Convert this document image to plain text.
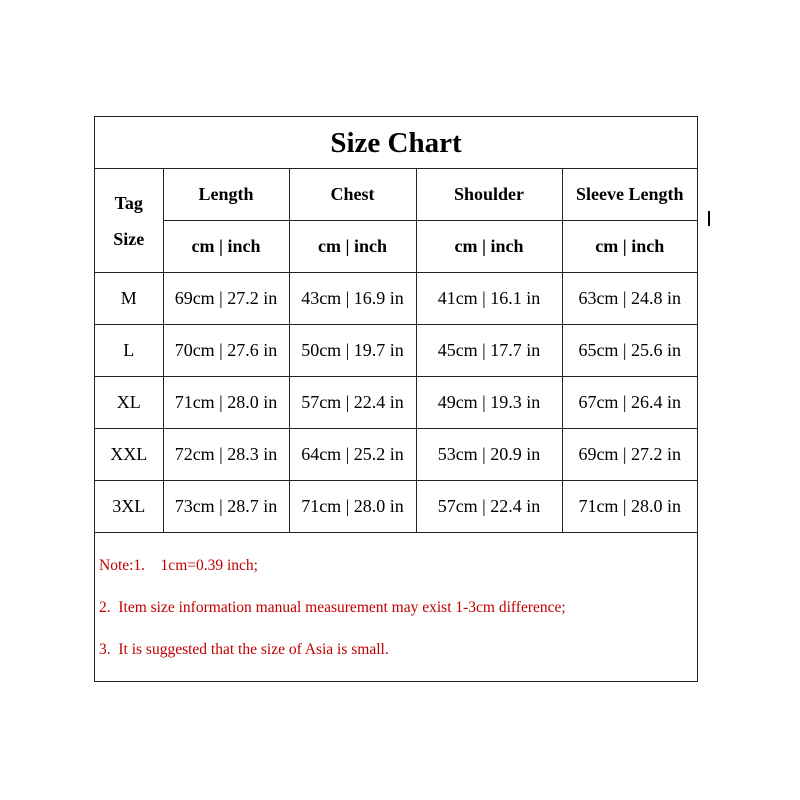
Size Chart
Tag
Size	Length	Chest	Shoulder	Sleeve Length
	cm | inch	cm | inch	cm | inch	cm | inch
M	69cm | 27.2 in	43cm | 16.9 in	41cm | 16.1 in	63cm | 24.8 in
L	70cm | 27.6 in	50cm | 19.7 in	45cm | 17.7 in	65cm | 25.6 in
XL	71cm | 28.0 in	57cm | 22.4 in	49cm | 19.3 in	67cm | 26.4 in
XXL	72cm | 28.3 in	64cm | 25.2 in	53cm | 20.9 in	69cm | 27.2 in
3XL	73cm | 28.7 in	71cm | 28.0 in	57cm | 22.4 in	71cm | 28.0 in
Note:1.    1cm=0.39 inch;
2.  Item size information manual measurement may exist 1-3cm difference;
3.  It is suggested that the size of Asia is small.
